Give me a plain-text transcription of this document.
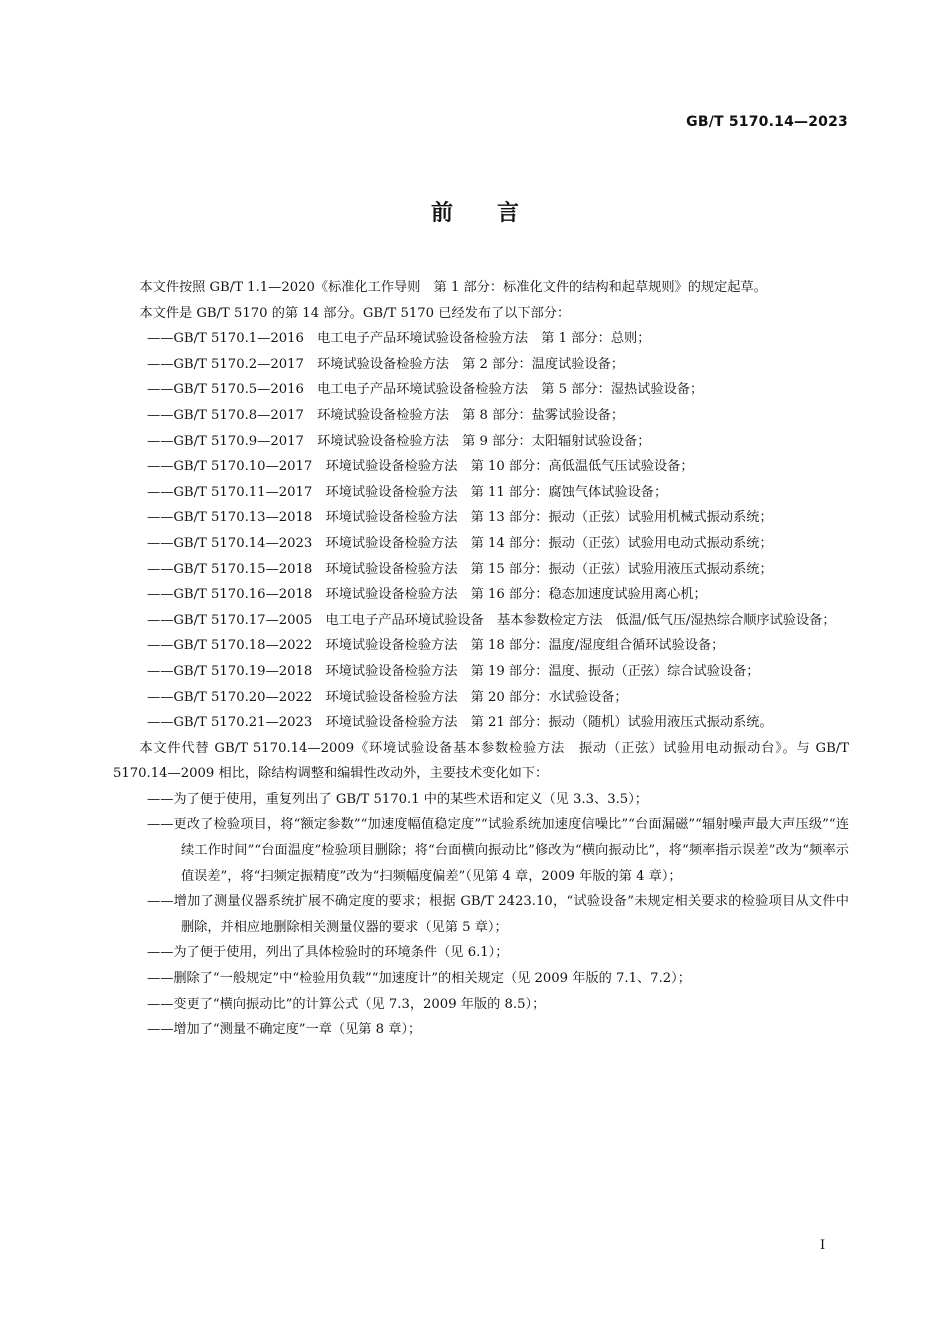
GB/T 5170.14—2023
前言
本文件按照 GB/T 1.1—2020《标准化工作导则　第 1 部分：标准化文件的结构和起草规则》的规定起草。
本文件是 GB/T 5170 的第 14 部分。GB/T 5170 已经发布了以下部分：
——GB/T 5170.1—2016　电工电子产品环境试验设备检验方法　第 1 部分：总则；
——GB/T 5170.2—2017　环境试验设备检验方法　第 2 部分：温度试验设备；
——GB/T 5170.5—2016　电工电子产品环境试验设备检验方法　第 5 部分：湿热试验设备；
——GB/T 5170.8—2017　环境试验设备检验方法　第 8 部分：盐雾试验设备；
——GB/T 5170.9—2017　环境试验设备检验方法　第 9 部分：太阳辐射试验设备；
——GB/T 5170.10—2017　环境试验设备检验方法　第 10 部分：高低温低气压试验设备；
——GB/T 5170.11—2017　环境试验设备检验方法　第 11 部分：腐蚀气体试验设备；
——GB/T 5170.13—2018　环境试验设备检验方法　第 13 部分：振动（正弦）试验用机械式振动系统；
——GB/T 5170.14—2023　环境试验设备检验方法　第 14 部分：振动（正弦）试验用电动式振动系统；
——GB/T 5170.15—2018　环境试验设备检验方法　第 15 部分：振动（正弦）试验用液压式振动系统；
——GB/T 5170.16—2018　环境试验设备检验方法　第 16 部分：稳态加速度试验用离心机；
——GB/T 5170.17—2005　电工电子产品环境试验设备　基本参数检定方法　低温/低气压/湿热综合顺序试验设备；
——GB/T 5170.18—2022　环境试验设备检验方法　第 18 部分：温度/湿度组合循环试验设备；
——GB/T 5170.19—2018　环境试验设备检验方法　第 19 部分：温度、振动（正弦）综合试验设备；
——GB/T 5170.20—2022　环境试验设备检验方法　第 20 部分：水试验设备；
——GB/T 5170.21—2023　环境试验设备检验方法　第 21 部分：振动（随机）试验用液压式振动系统。
本文件代替 GB/T 5170.14—2009《环境试验设备基本参数检验方法　振动（正弦）试验用电动振动台》。与 GB/T 5170.14—2009 相比，除结构调整和编辑性改动外，主要技术变化如下：
——为了便于使用，重复列出了 GB/T 5170.1 中的某些术语和定义（见 3.3、3.5）；
——更改了检验项目，将“额定参数”“加速度幅值稳定度”“试验系统加速度信噪比”“台面漏磁”“辐射噪声最大声压级”“连续工作时间”“台面温度”检验项目删除；将“台面横向振动比”修改为“横向振动比”，将“频率指示误差”改为“频率示值误差”，将“扫频定振精度”改为“扫频幅度偏差”（见第 4 章，2009 年版的第 4 章）；
——增加了测量仪器系统扩展不确定度的要求；根据 GB/T 2423.10，“试验设备”未规定相关要求的检验项目从文件中删除，并相应地删除相关测量仪器的要求（见第 5 章）；
——为了便于使用，列出了具体检验时的环境条件（见 6.1）；
——删除了“一般规定”中“检验用负载”“加速度计”的相关规定（见 2009 年版的 7.1、7.2）；
——变更了“横向振动比”的计算公式（见 7.3，2009 年版的 8.5）；
——增加了“测量不确定度”一章（见第 8 章）；
I
